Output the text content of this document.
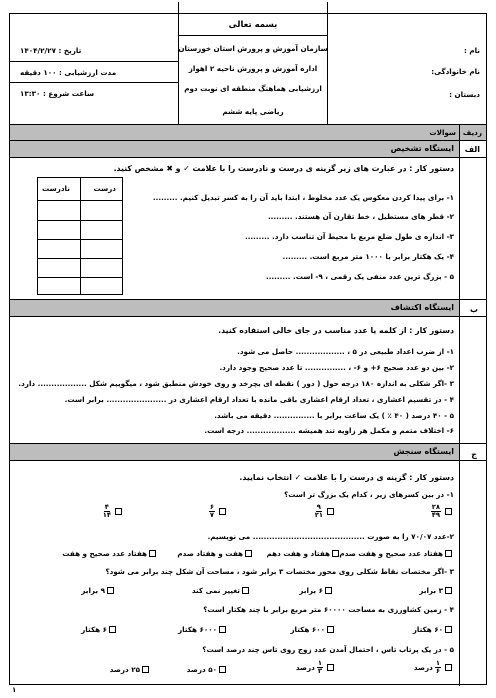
بسمه تعالی
سازمان آموزش و پرورش استان خوزستان
اداره آموزش و پرورش ناحیه ۲ اهواز
ارزشیابی هماهنگ منطقه ای نوبت دوم
ریاضی پایه ششم
نام :
نام خانوادگی:
دبستان :
تاریخ : ۱۴۰۴/۲/۲۷
مدت ارزشیابی : ۱۰۰ دقیقه
ساعت شروع : ۱۳:۳۰
ردیف
سوالات
الف
ایستگاه تشخیص
دستور کار : در عبارت های زیر گزینه ی درست و نادرست را با علامت ✓ و ✖ مشخص کنید.
درست
نادرست
۱- برای پیدا کردن معکوس یک عدد مخلوط ، ابتدا باید آن را به کسر تبدیل کنیم. .........
۲- قطر های مستطیل ، خط تقارن آن هستند. .........
۳- اندازه ی طول ضلع مربع با محیط آن تناسب دارد. .........
۴- یک هکتار برابر با ۱۰۰۰ متر مربع است. .........
۵ - بزرگ ترین عدد منفی یک رقمی ، ۹- است. .........
ب
ایستگاه اکتشاف
دستور کار : از کلمه یا عدد مناسب در جای خالی استفاده کنید.
۱- از ضرب اعداد طبیعی در ۵ ، .................. حاصل می شود.
۲- بین دو عدد صحیح ۶+ و ۶- ، ............... تا عدد صحیح وجود دارد.
۳ -اگر شکلی به اندازه ۱۸۰ درجه حول ( دور ) نقطه ای بچرخد و روی خودش منطبق شود ، میگوییم شکل .................. دارد.
۴ - در تقسیم اعشاری ، تعداد ارقام اعشاری باقی مانده با تعداد ارقام اعشاری در ...................... برابر است.
۵ - ۴۰ درصد ( ۴۰ ٪ ) یک ساعت برابر با ............... دقیقه می باشد.
۶- اختلاف متمم و مکمل هر زاویه تند همیشه .................. درجه است.
ج
ایستگاه سنجش
دستور کار : گزینه ی درست را با علامت ✓ انتخاب نمایید.
۱- در بین کسرهای زیر ، کدام یک بزرگ تر است؟
$\frac{۲۸}{۴۹}$
$\frac{۹}{۲۱}$
$\frac{۶}{۷}$
$\frac{۴}{۱۴}$
۲-عدد ۷۰/۰۷ را به صورت ......................................... می نویسیم.
هفتاد عدد صحیح و هفت صدم
هفتاد و هفت دهم
هفت و هفتاد صدم
هفتاد عدد صحیح و هفت
۳ -اگر مختصات نقاط شکلی روی محور مختصات ۳ برابر شود ، مساحت آن شکل چند برابر می شود؟
۳ برابر
۶ برابر
تغییر نمی کند
۹ برابر
۴ - زمین کشاورزی به مساحت ۶۰۰۰۰ متر مربع برابر با چند هکتار است؟
۶۰ هکتار
۶۰۰ هکتار
۶۰۰۰ هکتار
۶ هکتار
۵ - در یک پرتاب تاس ، احتمال آمدن عدد زوج روی تاس چند درصد است؟
$\frac{۱}{۶}$
درصد
$\frac{۱}{۳}$
درصد
۵۰ درصد
۲۵ درصد
۱
